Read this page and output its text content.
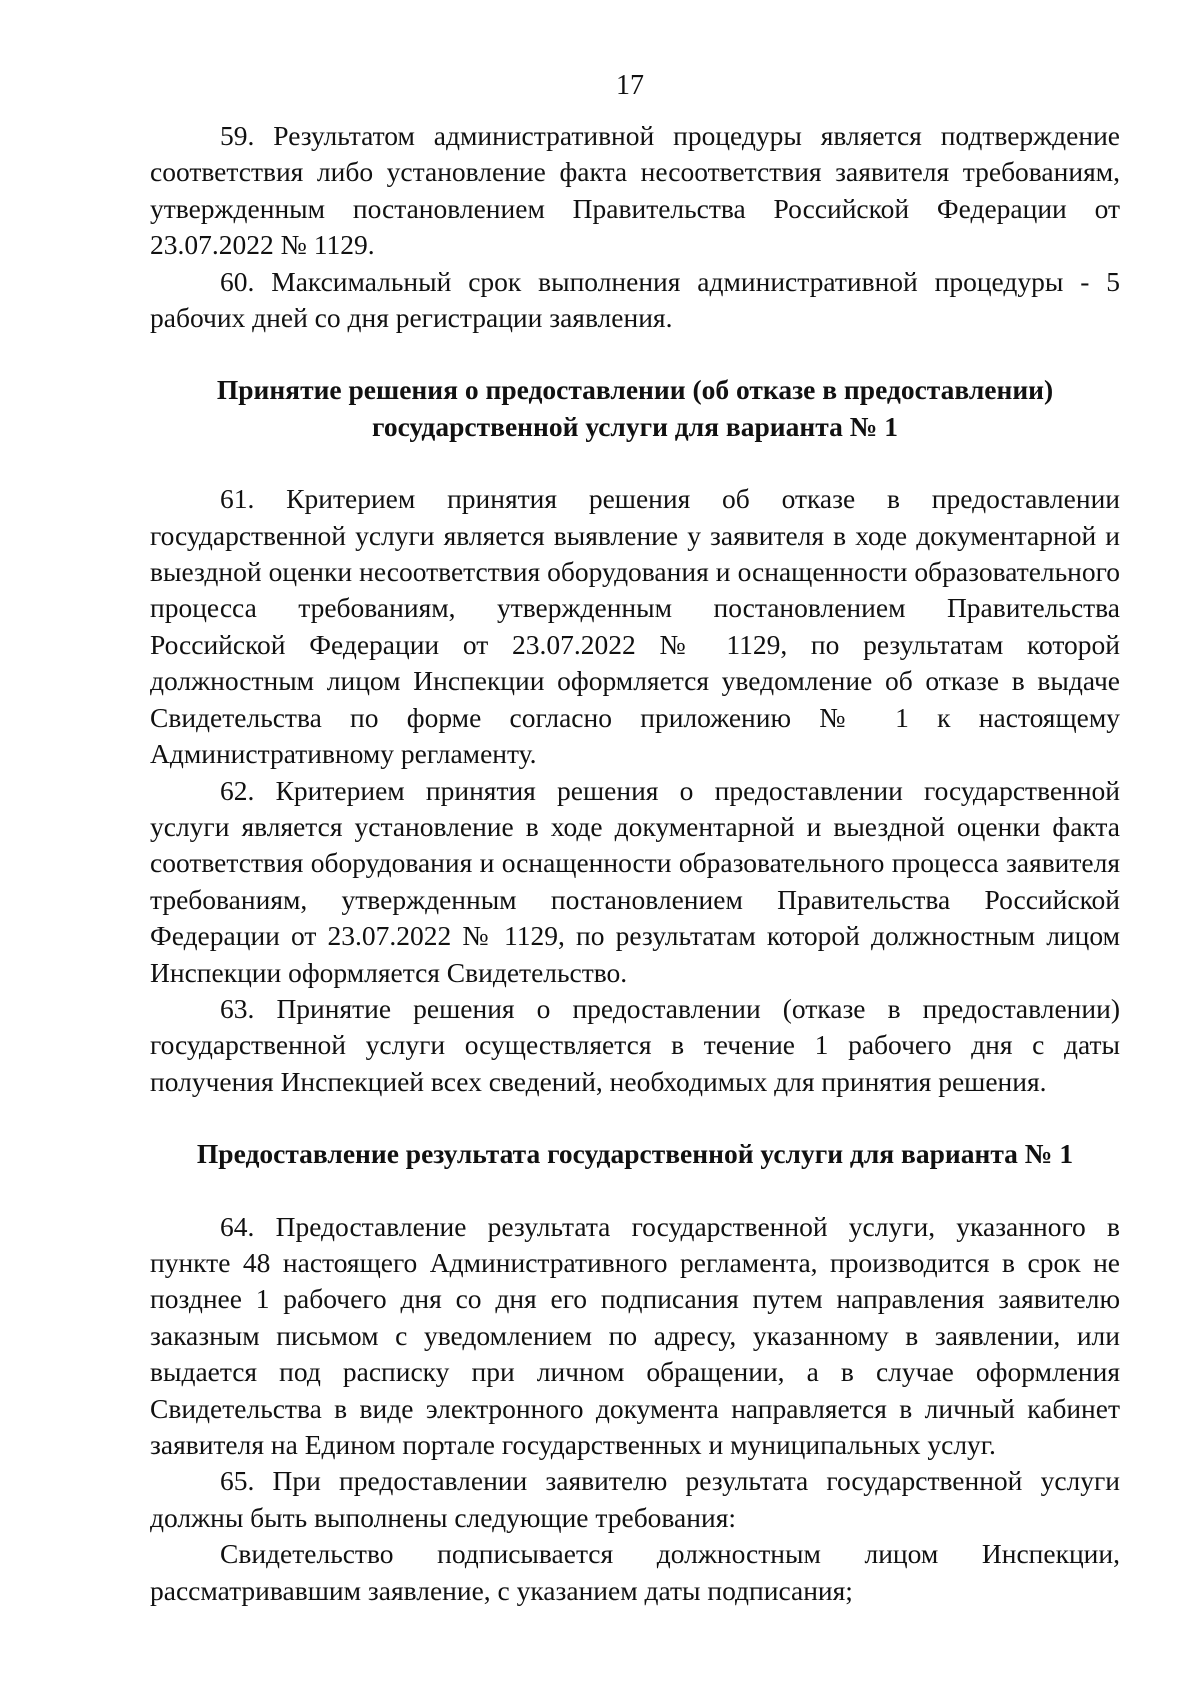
17

59. Результатом административной процедуры является подтверждение соответствия либо установление факта несоответствия заявителя требованиям, утвержденным постановлением Правительства Российской Федерации от 23.07.2022 № 1129.

60. Максимальный срок выполнения административной процедуры - 5 рабочих дней со дня регистрации заявления.

Принятие решения о предоставлении (об отказе в предоставлении)
государственной услуги для варианта № 1

61. Критерием принятия решения об отказе в предоставлении государственной услуги является выявление у заявителя в ходе документарной и выездной оценки несоответствия оборудования и оснащенности образовательного процесса требованиям, утвержденным постановлением Правительства Российской Федерации от 23.07.2022 № 1129, по результатам которой должностным лицом Инспекции оформляется уведомление об отказе в выдаче Свидетельства по форме согласно приложению № 1 к настоящему Административному регламенту.

62. Критерием принятия решения о предоставлении государственной услуги является установление в ходе документарной и выездной оценки факта соответствия оборудования и оснащенности образовательного процесса заявителя требованиям, утвержденным постановлением Правительства Российской Федерации от 23.07.2022 № 1129, по результатам которой должностным лицом Инспекции оформляется Свидетельство.

63. Принятие решения о предоставлении (отказе в предоставлении) государственной услуги осуществляется в течение 1 рабочего дня с даты получения Инспекцией всех сведений, необходимых для принятия решения.

Предоставление результата государственной услуги для варианта № 1

64. Предоставление результата государственной услуги, указанного в пункте 48 настоящего Административного регламента, производится в срок не позднее 1 рабочего дня со дня его подписания путем направления заявителю заказным письмом с уведомлением по адресу, указанному в заявлении, или выдается под расписку при личном обращении, а в случае оформления Свидетельства в виде электронного документа направляется в личный кабинет заявителя на Едином портале государственных и муниципальных услуг.

65. При предоставлении заявителю результата государственной услуги должны быть выполнены следующие требования:

Свидетельство подписывается должностным лицом Инспекции, рассматривавшим заявление, с указанием даты подписания;
